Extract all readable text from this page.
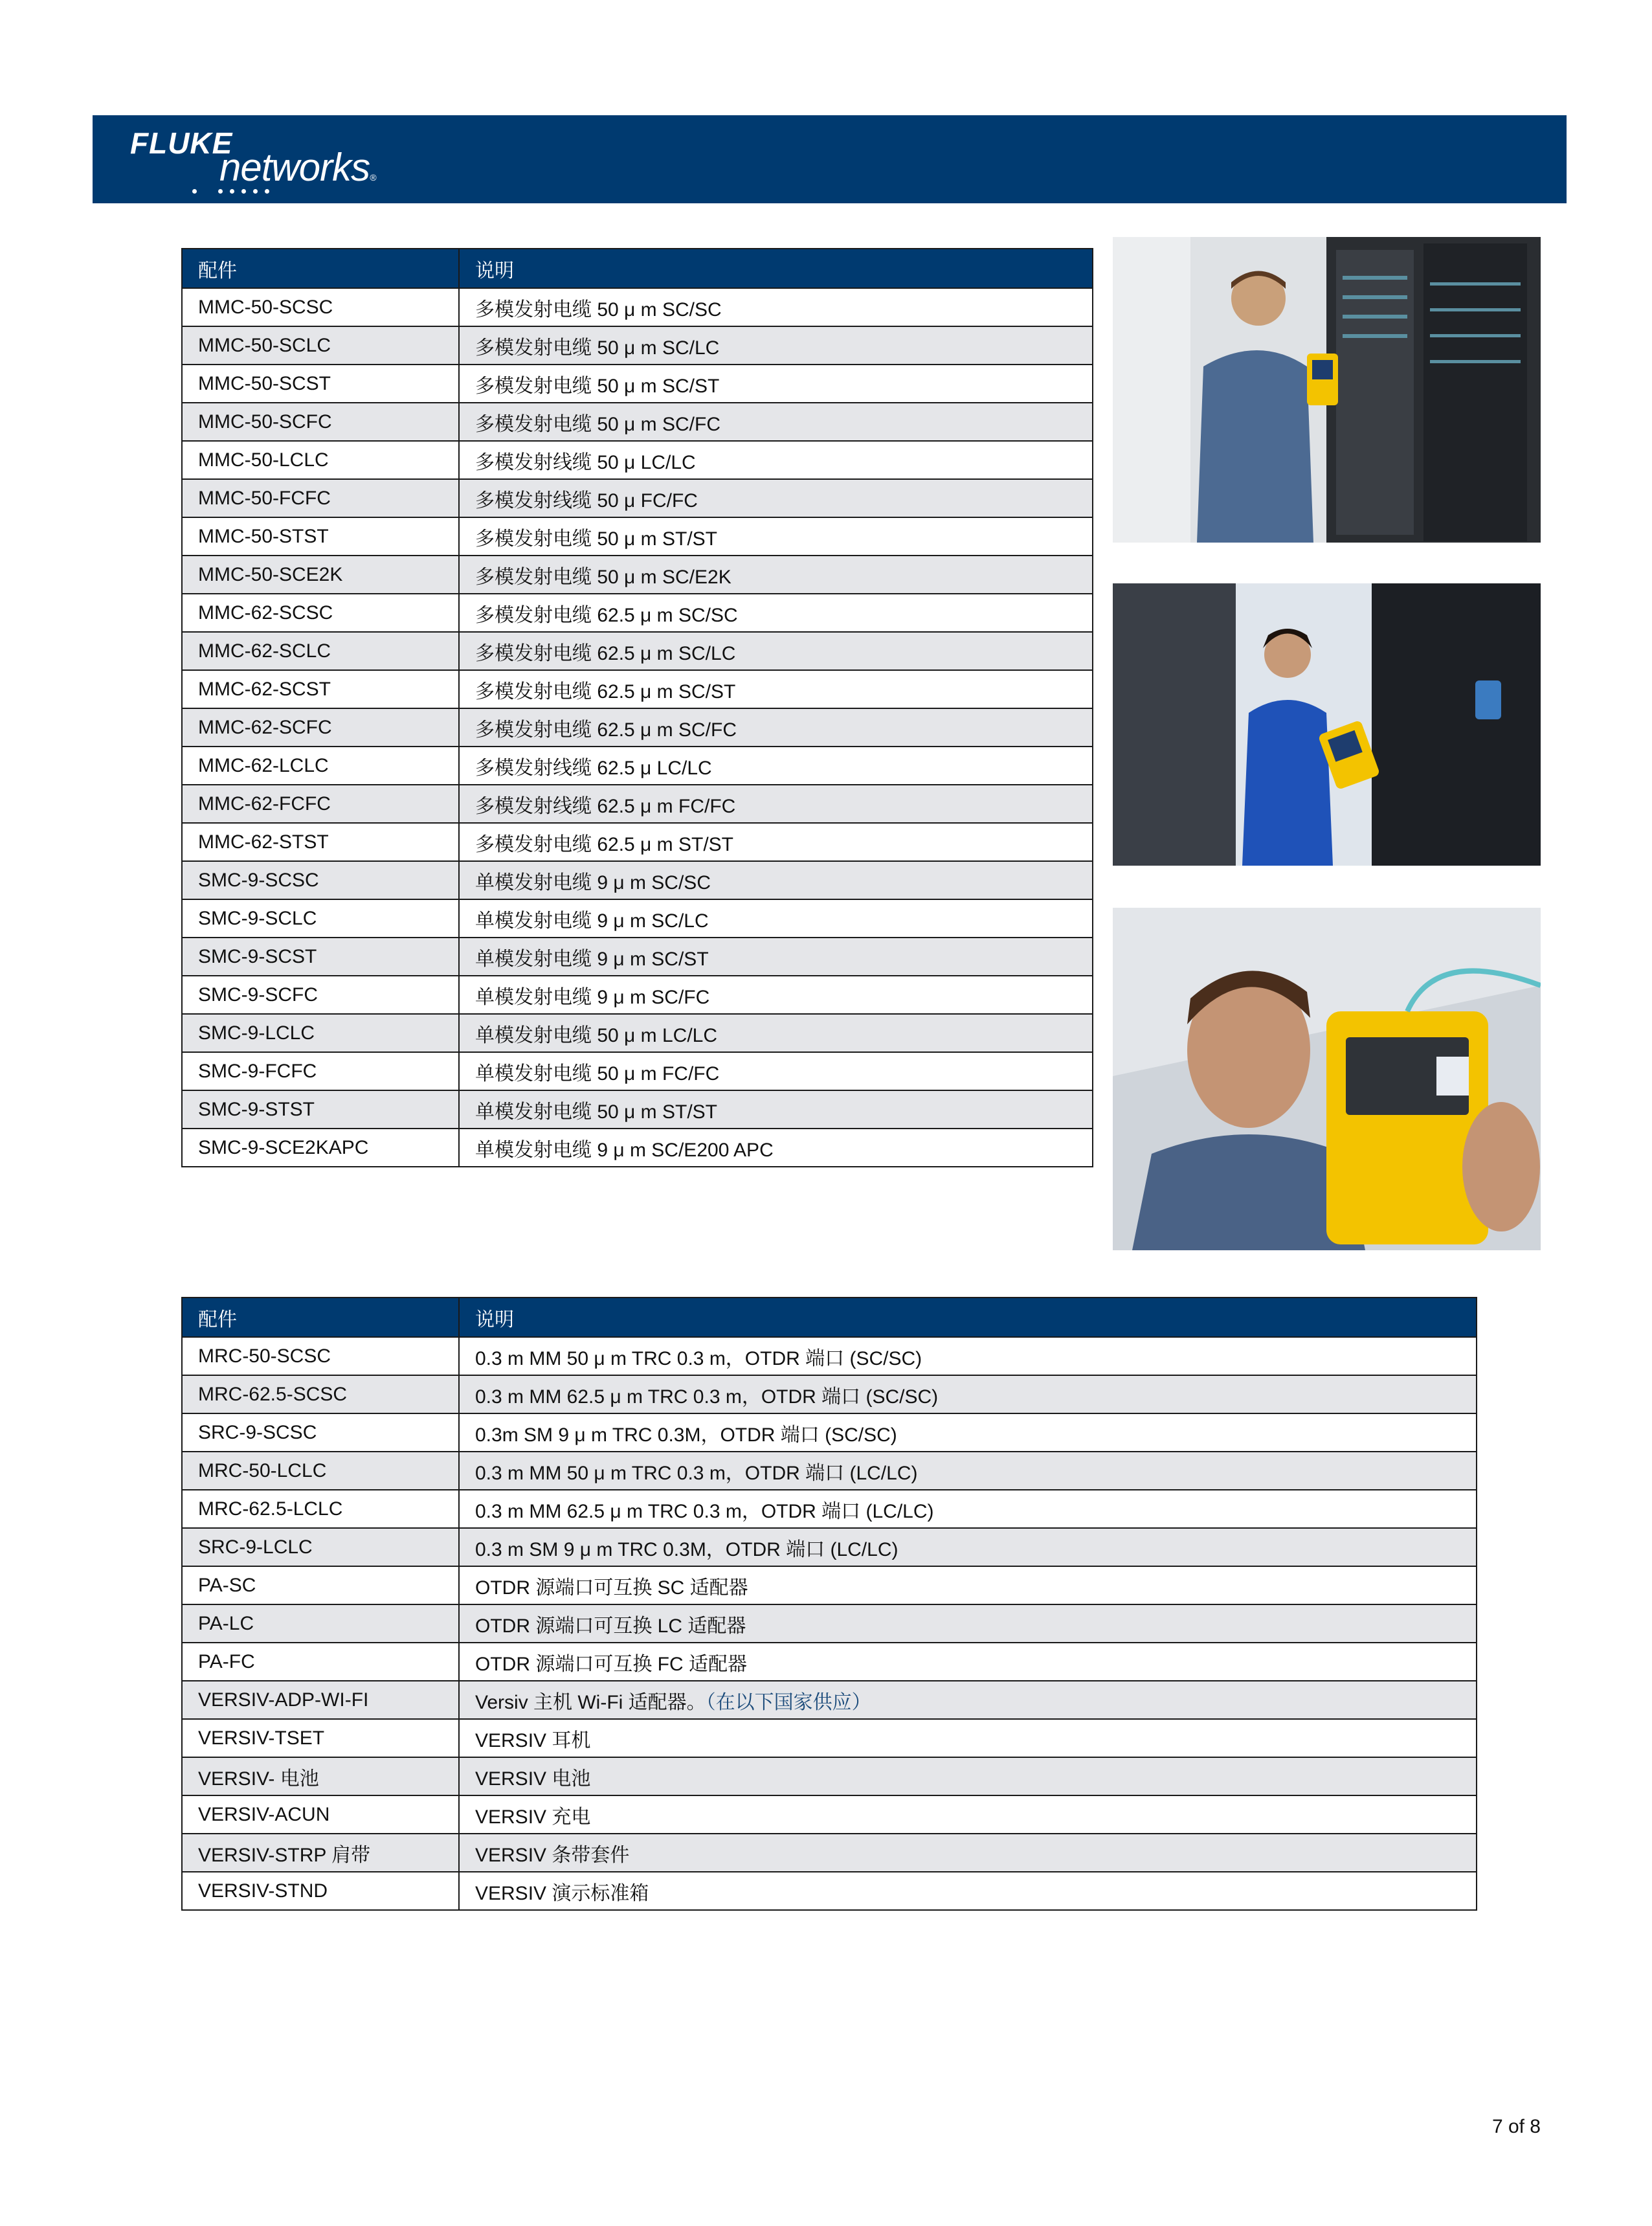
FLUKE
networks®
配件	说明
MMC-50-SCSC	多模发射电缆 50 μ m SC/SC
MMC-50-SCLC	多模发射电缆 50 μ m SC/LC
MMC-50-SCST	多模发射电缆 50 μ m SC/ST
MMC-50-SCFC	多模发射电缆 50 μ m SC/FC
MMC-50-LCLC	多模发射线缆 50 μ LC/LC
MMC-50-FCFC	多模发射线缆 50 μ FC/FC
MMC-50-STST	多模发射电缆 50 μ m ST/ST
MMC-50-SCE2K	多模发射电缆 50 μ m SC/E2K
MMC-62-SCSC	多模发射电缆 62.5 μ m SC/SC
MMC-62-SCLC	多模发射电缆 62.5 μ m SC/LC
MMC-62-SCST	多模发射电缆 62.5 μ m SC/ST
MMC-62-SCFC	多模发射电缆 62.5 μ m SC/FC
MMC-62-LCLC	多模发射线缆 62.5 μ LC/LC
MMC-62-FCFC	多模发射线缆 62.5 μ m FC/FC
MMC-62-STST	多模发射电缆 62.5 μ m ST/ST
SMC-9-SCSC	单模发射电缆 9 μ m SC/SC
SMC-9-SCLC	单模发射电缆 9 μ m SC/LC
SMC-9-SCST	单模发射电缆 9 μ m SC/ST
SMC-9-SCFC	单模发射电缆 9 μ m SC/FC
SMC-9-LCLC	单模发射电缆 50 μ m LC/LC
SMC-9-FCFC	单模发射电缆 50 μ m FC/FC
SMC-9-STST	单模发射电缆 50 μ m ST/ST
SMC-9-SCE2KAPC	单模发射电缆 9 μ m SC/E200 APC
配件	说明
MRC-50-SCSC	0.3 m MM 50 μ m TRC 0.3 m，OTDR 端口 (SC/SC)
MRC-62.5-SCSC	0.3 m MM 62.5 μ m TRC 0.3 m，OTDR 端口 (SC/SC)
SRC-9-SCSC	0.3m SM 9 μ m TRC 0.3M，OTDR 端口 (SC/SC)
MRC-50-LCLC	0.3 m MM 50 μ m TRC 0.3 m，OTDR 端口 (LC/LC)
MRC-62.5-LCLC	0.3 m MM 62.5 μ m TRC 0.3 m，OTDR 端口 (LC/LC)
SRC-9-LCLC	0.3 m SM 9 μ m TRC 0.3M，OTDR 端口 (LC/LC)
PA-SC	OTDR 源端口可互换 SC 适配器
PA-LC	OTDR 源端口可互换 LC 适配器
PA-FC	OTDR 源端口可互换 FC 适配器
VERSIV-ADP-WI-FI	Versiv 主机 Wi-Fi 适配器。（在以下国家供应）
VERSIV-TSET	VERSIV 耳机
VERSIV- 电池	VERSIV 电池
VERSIV-ACUN	VERSIV 充电
VERSIV-STRP 肩带	VERSIV 条带套件
VERSIV-STND	VERSIV 演示标准箱
7 of 8
